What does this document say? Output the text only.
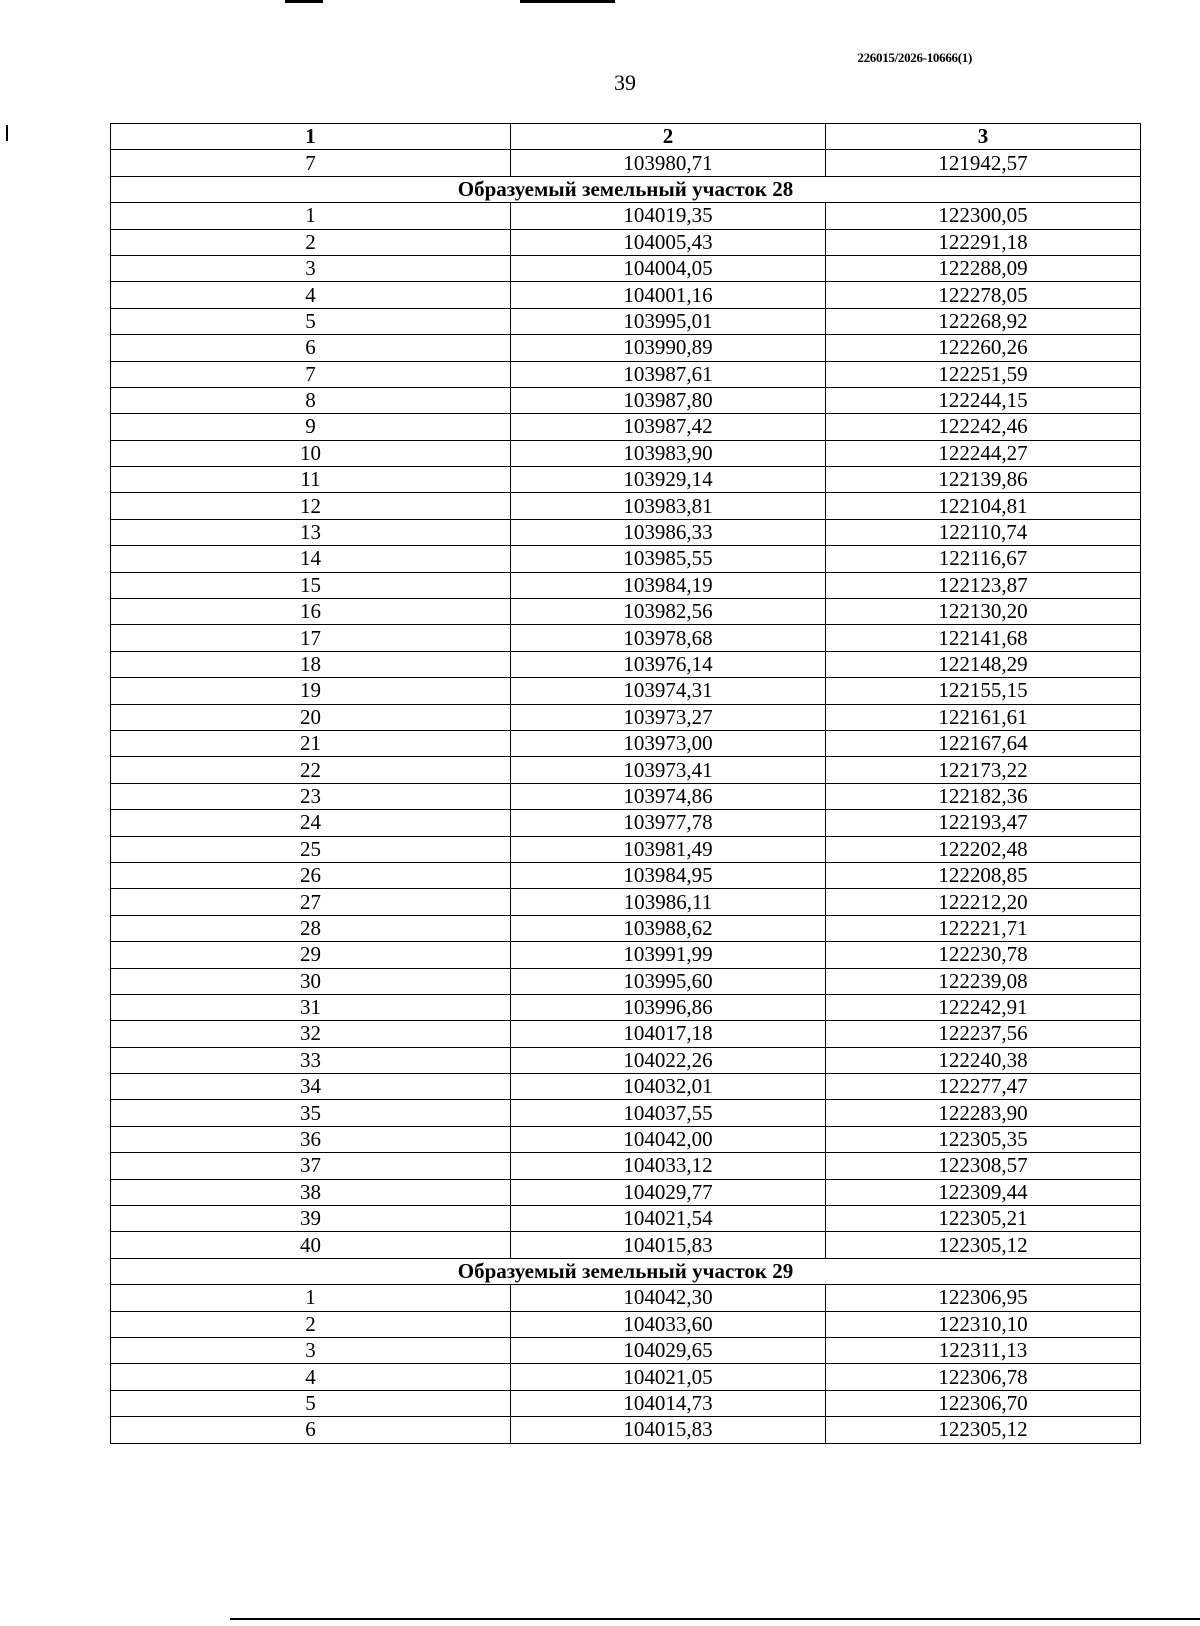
226015/2026-10666(1)
39
1	2	3
7	103980,71	121942,57
Образуемый земельный участок 28		
1	104019,35	122300,05
2	104005,43	122291,18
3	104004,05	122288,09
4	104001,16	122278,05
5	103995,01	122268,92
6	103990,89	122260,26
7	103987,61	122251,59
8	103987,80	122244,15
9	103987,42	122242,46
10	103983,90	122244,27
11	103929,14	122139,86
12	103983,81	122104,81
13	103986,33	122110,74
14	103985,55	122116,67
15	103984,19	122123,87
16	103982,56	122130,20
17	103978,68	122141,68
18	103976,14	122148,29
19	103974,31	122155,15
20	103973,27	122161,61
21	103973,00	122167,64
22	103973,41	122173,22
23	103974,86	122182,36
24	103977,78	122193,47
25	103981,49	122202,48
26	103984,95	122208,85
27	103986,11	122212,20
28	103988,62	122221,71
29	103991,99	122230,78
30	103995,60	122239,08
31	103996,86	122242,91
32	104017,18	122237,56
33	104022,26	122240,38
34	104032,01	122277,47
35	104037,55	122283,90
36	104042,00	122305,35
37	104033,12	122308,57
38	104029,77	122309,44
39	104021,54	122305,21
40	104015,83	122305,12
Образуемый земельный участок 29		
1	104042,30	122306,95
2	104033,60	122310,10
3	104029,65	122311,13
4	104021,05	122306,78
5	104014,73	122306,70
6	104015,83	122305,12
